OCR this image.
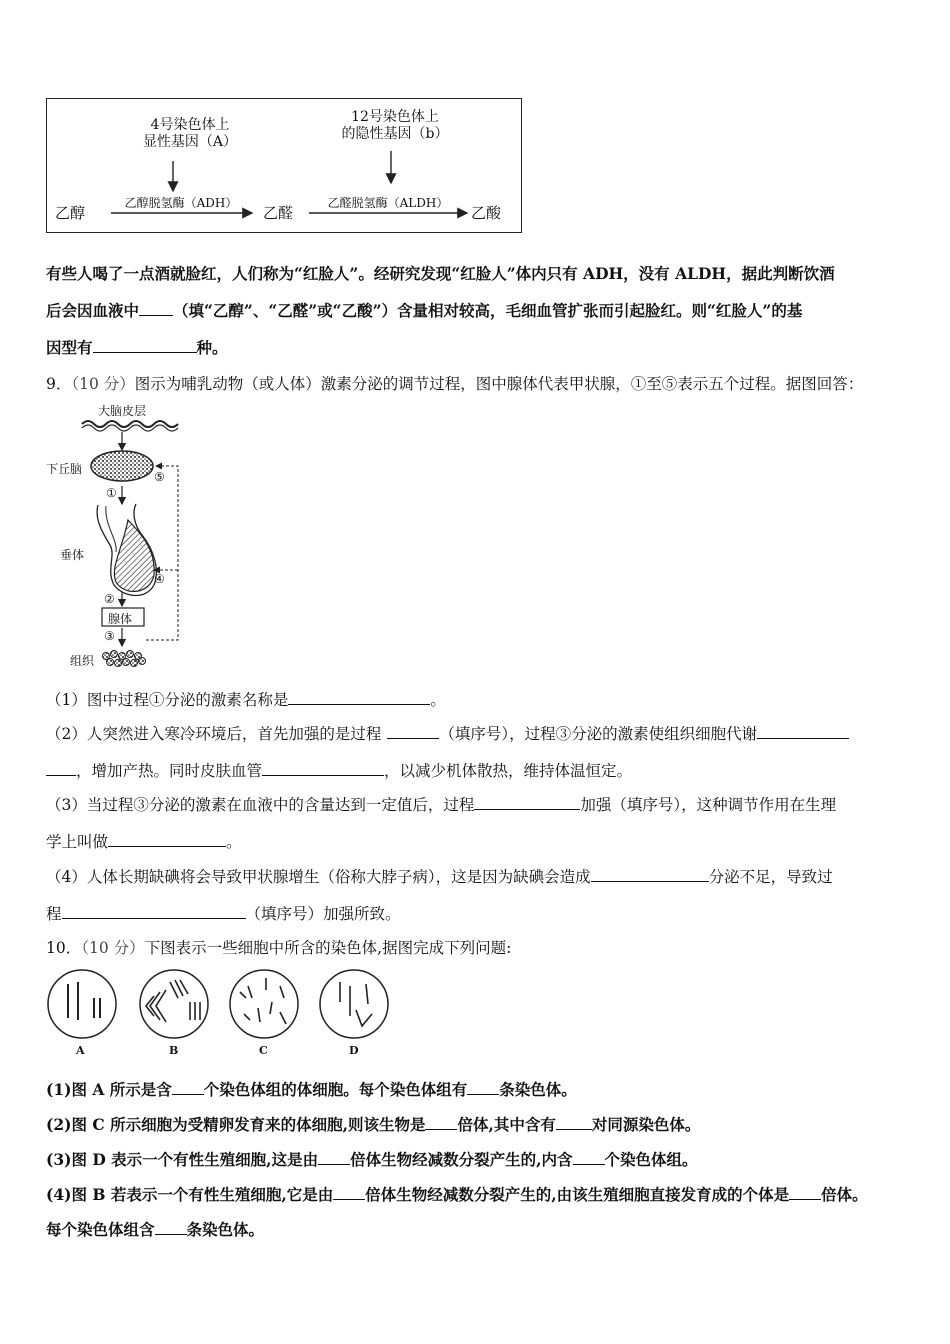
4号染色体上
显性基因（A）
12号染色体上
的隐性基因（b）
乙醇
乙醇脱氢酶（ADH）
乙醛
乙醛脱氢酶（ALDH）
乙酸
有些人喝了一点酒就脸红，人们称为“红脸人”。经研究发现“红脸人”体内只有 ADH，没有 ALDH，据此判断饮酒
后会因血液中 （填“乙醇”、“乙醛”或“乙酸”）含量相对较高，毛细血管扩张而引起脸红。则“红脸人”的基
因型有	种。
9．（10 分）图示为哺乳动物（或人体）激素分泌的调节过程，图中腺体代表甲状腺，①至⑤表示五个过程。据图回答：
大脑皮层
下丘脑
垂体
腺体
组织
①
②
③
④
⑤
（1）图中过程①分泌的激素名称是	。
（2）人突然进入寒冷环境后，首先加强的是过程	（填序号），过程③分泌的激素使组织细胞代谢
，增加产热。同时皮肤血管	，以减少机体散热，维持体温恒定。
（3）当过程③分泌的激素在血液中的含量达到一定值后，过程	加强（填序号），这种调节作用在生理
学上叫做	。
（4）人体长期缺碘将会导致甲状腺增生（俗称大脖子病），这是因为缺碘会造成	分泌不足，导致过
程	（填序号）加强所致。
10．（10 分）下图表示一些细胞中所含的染色体,据图完成下列问题:
A	B	C	D
(1)图 A 所示是含 个染色体组的体细胞。每个染色体组有 条染色体。
(2)图 C 所示细胞为受精卵发育来的体细胞,则该生物是 倍体,其中含有 对同源染色体。
(3)图 D 表示一个有性生殖细胞,这是由 倍体生物经减数分裂产生的,内含 个染色体组。
(4)图 B 若表示一个有性生殖细胞,它是由 倍体生物经减数分裂产生的,由该生殖细胞直接发育成的个体是 倍体。
每个染色体组含 条染色体。
